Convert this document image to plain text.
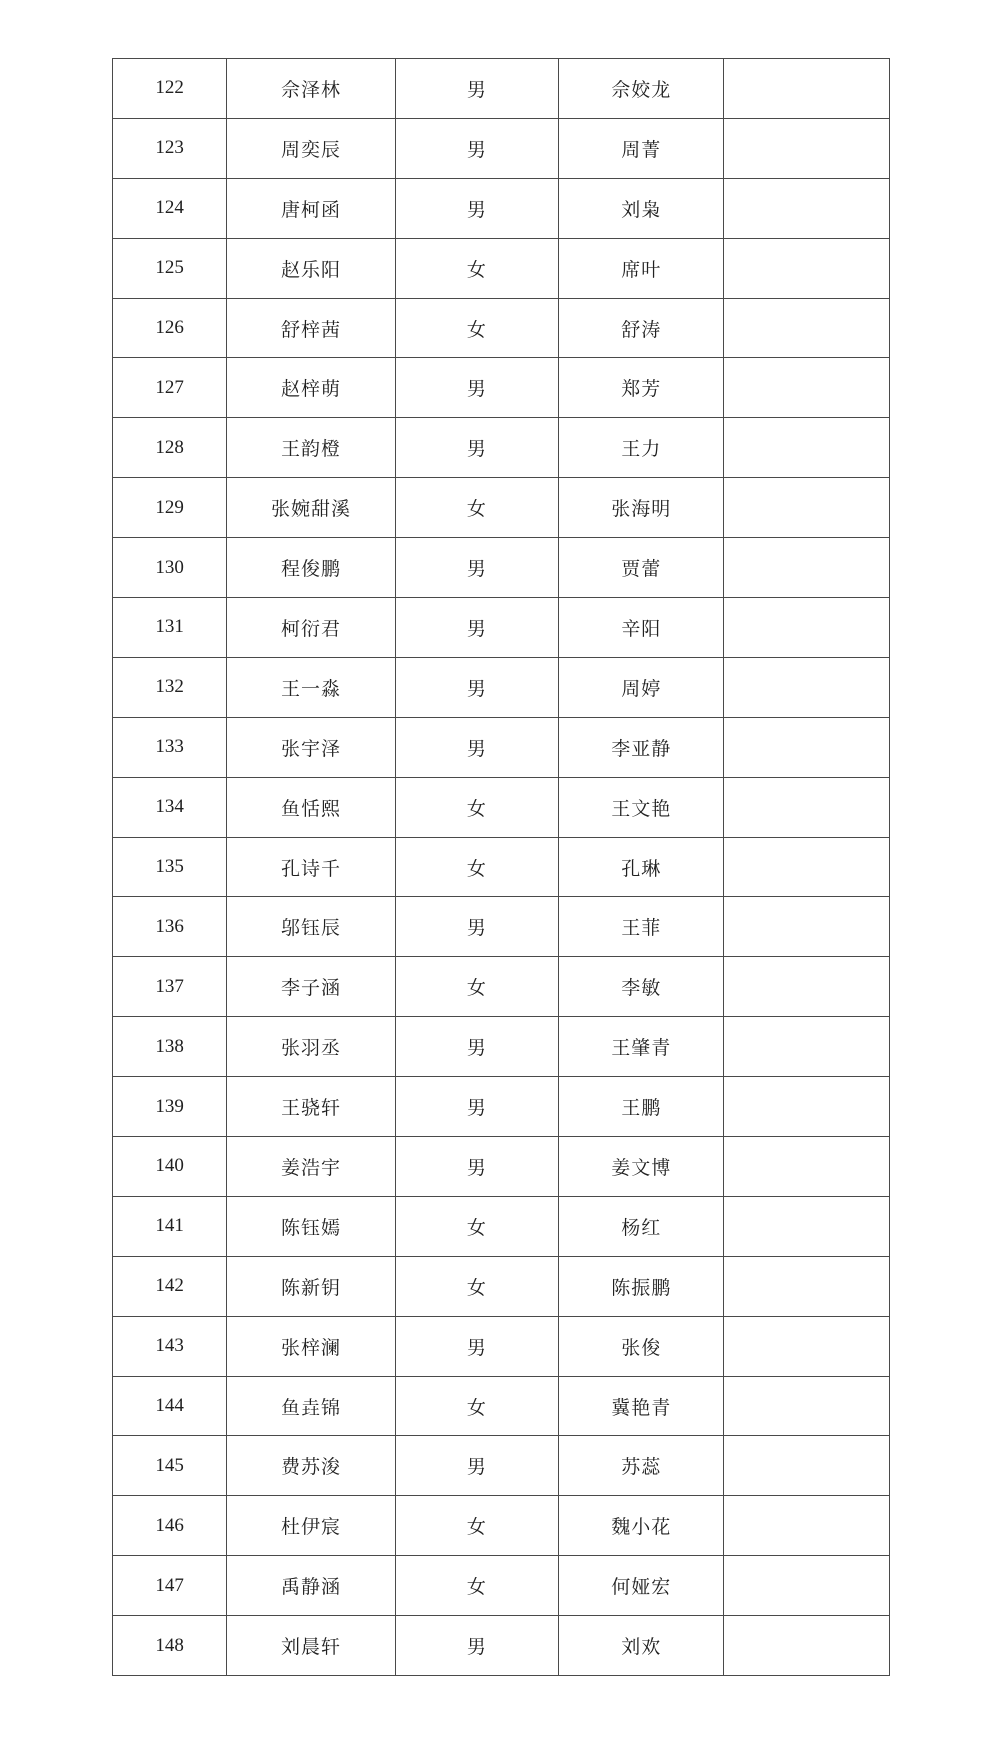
122	佘泽林	男	佘姣龙	
123	周奕辰	男	周菁	
124	唐柯函	男	刘枭	
125	赵乐阳	女	席叶	
126	舒梓茜	女	舒涛	
127	赵梓萌	男	郑芳	
128	王韵橙	男	王力	
129	张婉甜溪	女	张海明	
130	程俊鹏	男	贾蕾	
131	柯衍君	男	辛阳	
132	王一淼	男	周婷	
133	张宇泽	男	李亚静	
134	鱼恬熙	女	王文艳	
135	孔诗千	女	孔琳	
136	邬钰辰	男	王菲	
137	李子涵	女	李敏	
138	张羽丞	男	王肇青	
139	王骁轩	男	王鹏	
140	姜浩宇	男	姜文博	
141	陈钰嫣	女	杨红	
142	陈新钥	女	陈振鹏	
143	张梓澜	男	张俊	
144	鱼垚锦	女	冀艳青	
145	费苏浚	男	苏蕊	
146	杜伊宸	女	魏小花	
147	禹静涵	女	何娅宏	
148	刘晨轩	男	刘欢	
